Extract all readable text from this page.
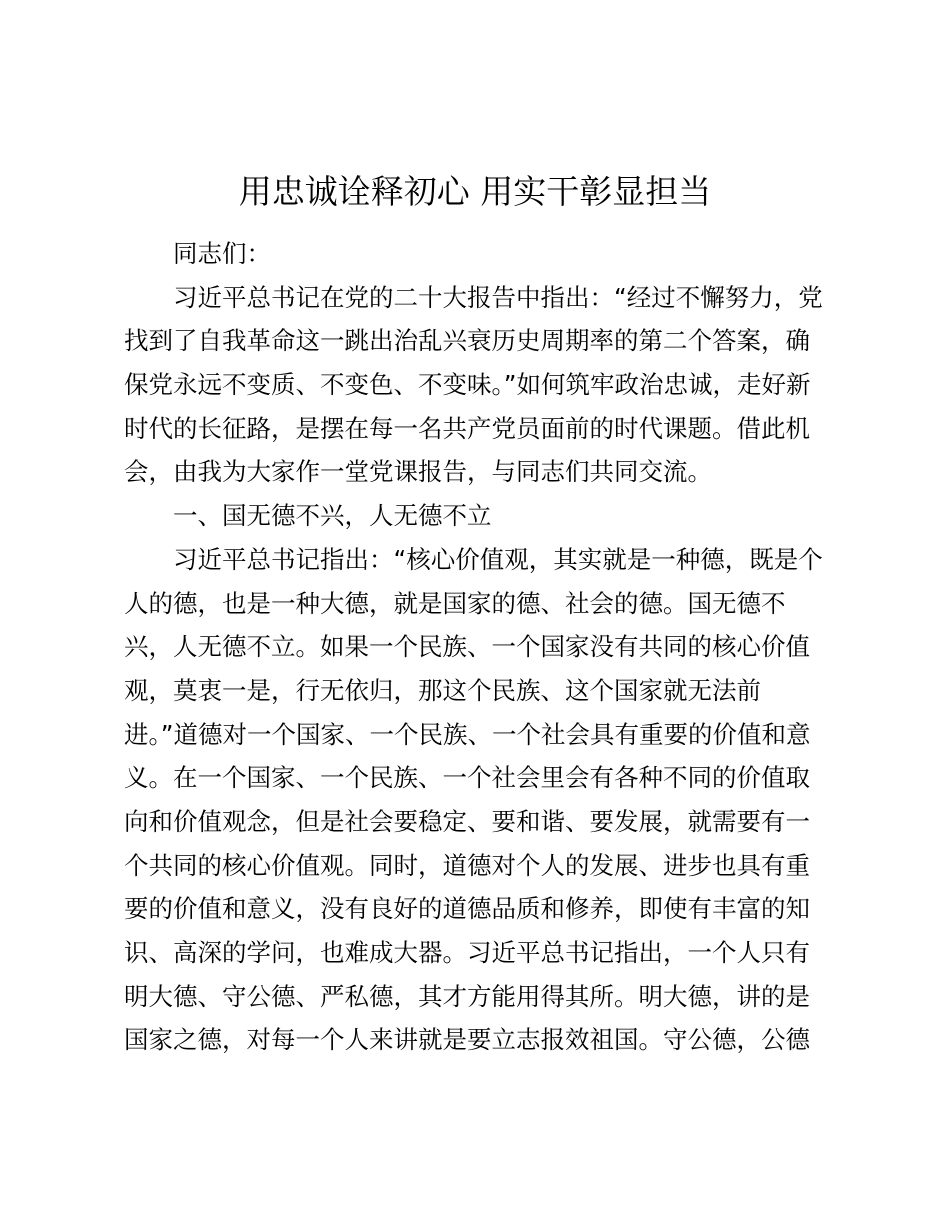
用忠诚诠释初心 用实干彰显担当
同志们：
习近平总书记在党的二十大报告中指出：“经过不懈努力，党
找到了自我革命这一跳出治乱兴衰历史周期率的第二个答案，确
保党永远不变质、不变色、不变味。”如何筑牢政治忠诚，走好新
时代的长征路，是摆在每一名共产党员面前的时代课题。借此机
会，由我为大家作一堂党课报告，与同志们共同交流。
一、国无德不兴，人无德不立
习近平总书记指出：“核心价值观，其实就是一种德，既是个
人的德，也是一种大德，就是国家的德、社会的德。国无德不
兴，人无德不立。如果一个民族、一个国家没有共同的核心价值
观，莫衷一是，行无依归，那这个民族、这个国家就无法前
进。”道德对一个国家、一个民族、一个社会具有重要的价值和意
义。在一个国家、一个民族、一个社会里会有各种不同的价值取
向和价值观念，但是社会要稳定、要和谐、要发展，就需要有一
个共同的核心价值观。同时，道德对个人的发展、进步也具有重
要的价值和意义，没有良好的道德品质和修养，即使有丰富的知
识、高深的学问，也难成大器。习近平总书记指出，一个人只有
明大德、守公德、严私德，其才方能用得其所。明大德，讲的是
国家之德，对每一个人来讲就是要立志报效祖国。守公德，公德
